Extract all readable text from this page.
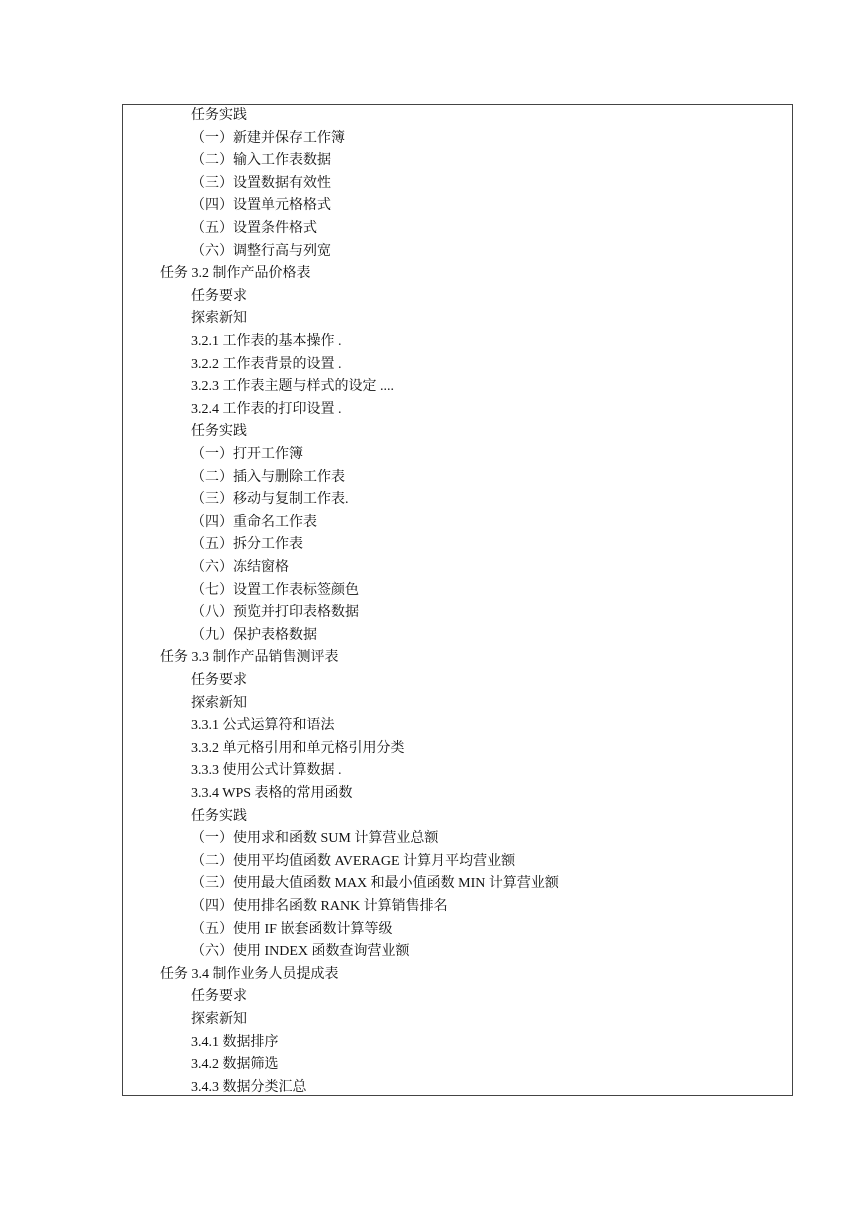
任务实践
（一）新建并保存工作簿
（二）输入工作表数据
（三）设置数据有效性
（四）设置单元格格式
（五）设置条件格式
（六）调整行高与列宽
任务 3.2 制作产品价格表
任务要求
探索新知
3.2.1 工作表的基本操作 .
3.2.2 工作表背景的设置 .
3.2.3 工作表主题与样式的设定 ....
3.2.4 工作表的打印设置 .
任务实践
（一）打开工作簿
（二）插入与删除工作表
（三）移动与复制工作表.
（四）重命名工作表
（五）拆分工作表
（六）冻结窗格
（七）设置工作表标签颜色
（八）预览并打印表格数据
（九）保护表格数据
任务 3.3 制作产品销售测评表
任务要求
探索新知
3.3.1 公式运算符和语法
3.3.2 单元格引用和单元格引用分类
3.3.3 使用公式计算数据 .
3.3.4 WPS 表格的常用函数
任务实践
（一）使用求和函数 SUM 计算营业总额
（二）使用平均值函数 AVERAGE 计算月平均营业额
（三）使用最大值函数 MAX 和最小值函数 MIN 计算营业额
（四）使用排名函数 RANK 计算销售排名
（五）使用 IF 嵌套函数计算等级
（六）使用 INDEX 函数查询营业额
任务 3.4 制作业务人员提成表
任务要求
探索新知
3.4.1 数据排序
3.4.2 数据筛选
3.4.3 数据分类汇总
